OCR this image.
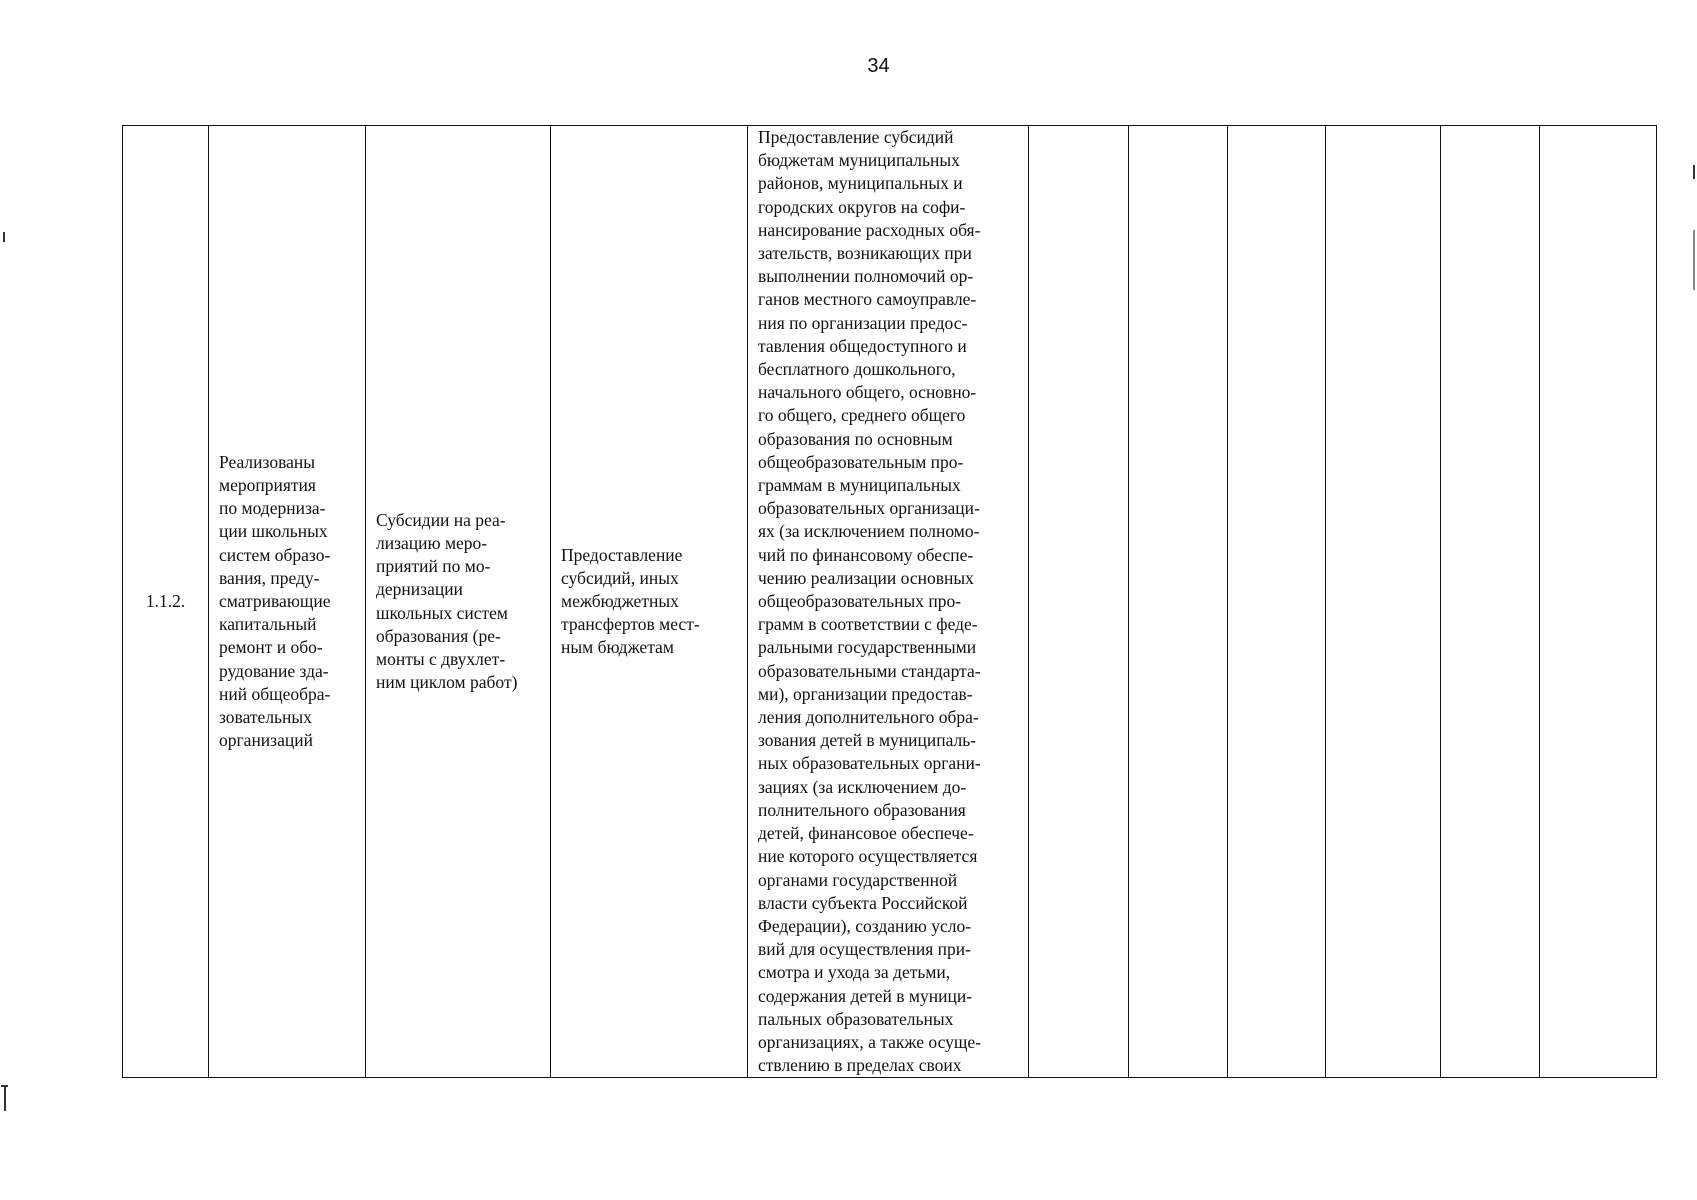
34
1.1.2.	Реализованы
мероприятия
по модерниза-
ции школьных
систем образо-
вания, преду-
сматривающие
капитальный
ремонт и обо-
рудование зда-
ний общеобра-
зовательных
организаций	Субсидии на реа-
лизацию меро-
приятий по мо-
дернизации
школьных систем
образования (ре-
монты с двухлет-
ним циклом работ)	Предоставление
субсидий, иных
межбюджетных
трансфертов мест-
ным бюджетам	Предоставление субсидий
бюджетам муниципальных
районов, муниципальных и
городских округов на софи-
нансирование расходных обя-
зательств, возникающих при
выполнении полномочий ор-
ганов местного самоуправле-
ния по организации предос-
тавления общедоступного и
бесплатного дошкольного,
начального общего, основно-
го общего, среднего общего
образования по основным
общеобразовательным про-
граммам в муниципальных
образовательных организаци-
ях (за исключением полномо-
чий по финансовому обеспе-
чению реализации основных
общеобразовательных про-
грамм в соответствии с феде-
ральными государственными
образовательными стандарта-
ми), организации предостав-
ления дополнительного обра-
зования детей в муниципаль-
ных образовательных органи-
зациях (за исключением до-
полнительного образования
детей, финансовое обеспече-
ние которого осуществляется
органами государственной
власти субъекта Российской
Федерации), созданию усло-
вий для осуществления при-
смотра и ухода за детьми,
содержания детей в муници-
пальных образовательных
организациях, а также осуще-
ствлению в пределах своих						
